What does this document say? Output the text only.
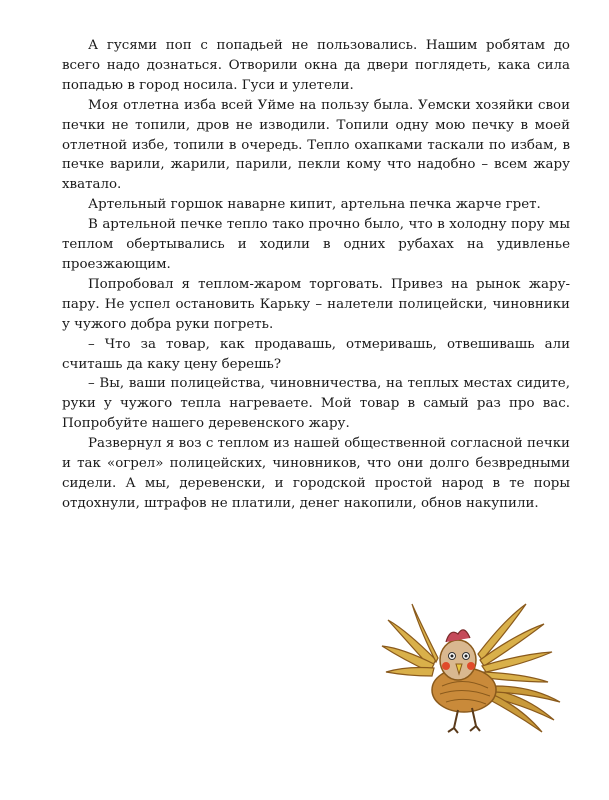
А гусями поп с попадьей не пользовались. Нашим робятам до всего надо дознаться. Отворили окна да двери поглядеть, кака сила попадью в город носила. Гуси и улетели.

Моя отлетна изба всей Уйме на пользу была. Уемски хозяйки свои печки не топили, дров не изводили. Топили одну мою печку в моей отлетной избе, топили в очередь. Тепло охапками таскали по избам, в печке варили, жарили, парили, пекли кому что надобно – всем жару хватало.

Артельный горшок наварне кипит, артельна печка жарче грет.

В артельной печке тепло тако прочно было, что в холодну пору мы теплом обертывались и ходили в одних рубахах на удивленье проезжающим.

Попробовал я теплом-жаром торговать. Привез на рынок жару-пару. Не успел остановить Карьку – налетели полицейски, чиновники у чужого добра руки погреть.

– Что за товар, как продавашь, отмеривашь, отвешивашь али считашь да каку цену берешь?

– Вы, ваши полицейства, чиновничества, на теплых местах сидите, руки у чужого тепла нагреваете. Мой товар в самый раз про вас. Попробуйте нашего деревенского жару.

Развернул я воз с теплом из нашей общественной согласной печки и так «огрел» полицейских, чиновников, что они долго безвредными сидели. А мы, деревенски, и городской простой народ в те поры отдохнули, штрафов не платили, денег накопили, обнов накупили.
